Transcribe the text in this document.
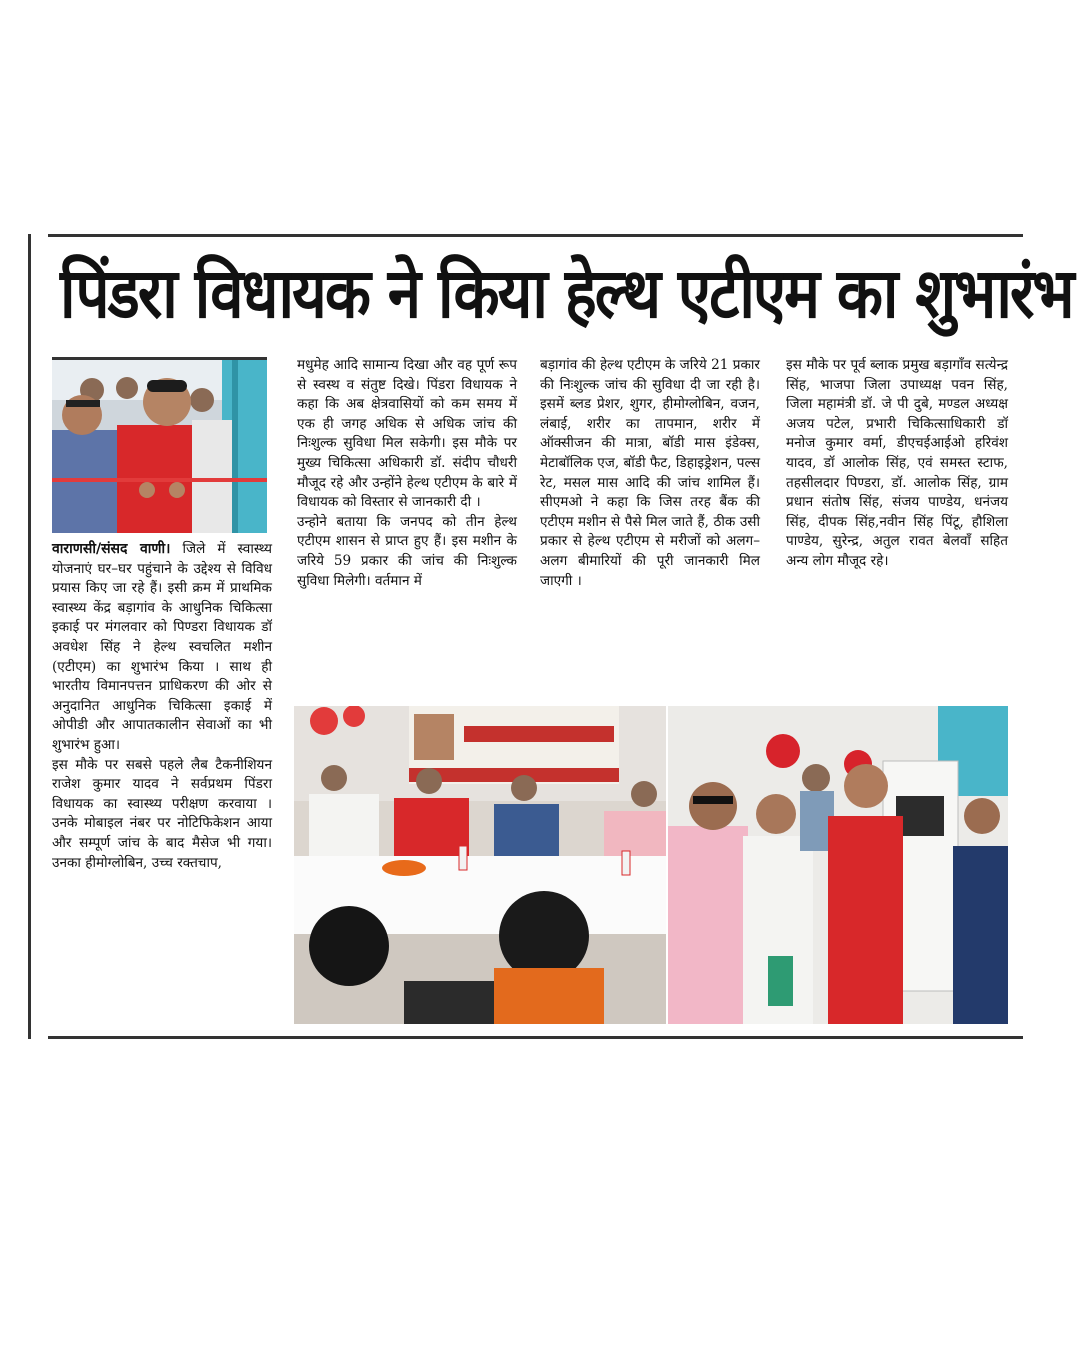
पिंडरा विधायक ने किया हेल्थ एटीएम का शुभारंभ

वाराणसी/संसद वाणी। जिले में स्वास्थ्य योजनाएं घर–घर पहुंचाने के उद्देश्य से विविध प्रयास किए जा रहे हैं। इसी क्रम में प्राथमिक स्वास्थ्य केंद्र बड़ागांव के आधुनिक चिकित्सा इकाई पर मंगलवार को पिण्डरा विधायक डॉ अवधेश सिंह ने हेल्थ स्वचलित मशीन (एटीएम) का शुभारंभ किया । साथ ही भारतीय विमानपत्तन प्राधिकरण की ओर से अनुदानित आधुनिक चिकित्सा इकाई में ओपीडी और आपातकालीन सेवाओं का भी शुभारंभ हुआ।

इस मौके पर सबसे पहले लैब टैकनीशियन राजेश कुमार यादव ने सर्वप्रथम पिंडरा विधायक का स्वास्थ्य परीक्षण करवाया । उनके मोबाइल नंबर पर नोटिफिकेशन आया और सम्पूर्ण जांच के बाद मैसेज भी गया। उनका हीमोग्लोबिन, उच्च रक्तचाप,

मधुमेह आदि सामान्य दिखा और वह पूर्ण रूप से स्वस्थ व संतुष्ट दिखे। पिंडरा विधायक ने कहा कि अब क्षेत्रवासियों को कम समय में एक ही जगह अधिक से अधिक जांच की निःशुल्क सुविधा मिल सकेगी। इस मौके पर मुख्य चिकित्सा अधिकारी डॉ. संदीप चौधरी मौजूद रहे और उन्होंने हेल्थ एटीएम के बारे में विधायक को विस्तार से जानकारी दी ।

उन्होने बताया कि जनपद को तीन हेल्थ एटीएम शासन से प्राप्त हुए हैं। इस मशीन के जरिये 59 प्रकार की जांच की निःशुल्क सुविधा मिलेगी। वर्तमान में

बड़ागांव की हेल्थ एटीएम के जरिये 21 प्रकार की निःशुल्क जांच की सुविधा दी जा रही है। इसमें ब्लड प्रेशर, शुगर, हीमोग्लोबिन, वजन, लंबाई, शरीर का तापमान, शरीर में ऑक्सीजन की मात्रा, बॉडी मास इंडेक्स, मेटाबॉलिक एज, बॉडी फैट, डिहाइड्रेशन, पल्स रेट, मसल मास आदि की जांच शामिल हैं। सीएमओ ने कहा कि जिस तरह बैंक की एटीएम मशीन से पैसे मिल जाते हैं, ठीक उसी प्रकार से हेल्थ एटीएम से मरीजों को अलग–अलग बीमारियों की पूरी जानकारी मिल जाएगी ।

इस मौके पर पूर्व ब्लाक प्रमुख बड़ागाँव सत्येन्द्र सिंह, भाजपा जिला उपाध्यक्ष पवन सिंह, जिला महामंत्री डॉ. जे पी दुबे, मण्डल अध्यक्ष अजय पटेल, प्रभारी चिकित्साधिकारी डॉ मनोज कुमार वर्मा, डीएचईआईओ हरिवंश यादव, डॉ आलोक सिंह, एवं समस्त स्टाफ, तहसीलदार पिण्डरा, डॉ. आलोक सिंह, ग्राम प्रधान संतोष सिंह, संजय पाण्डेय, धनंजय सिंह, दीपक सिंह,नवीन सिंह पिंटू, हौशिला पाण्डेय, सुरेन्द्र, अतुल रावत बेलवाँ सहित अन्य लोग मौजूद रहे।
